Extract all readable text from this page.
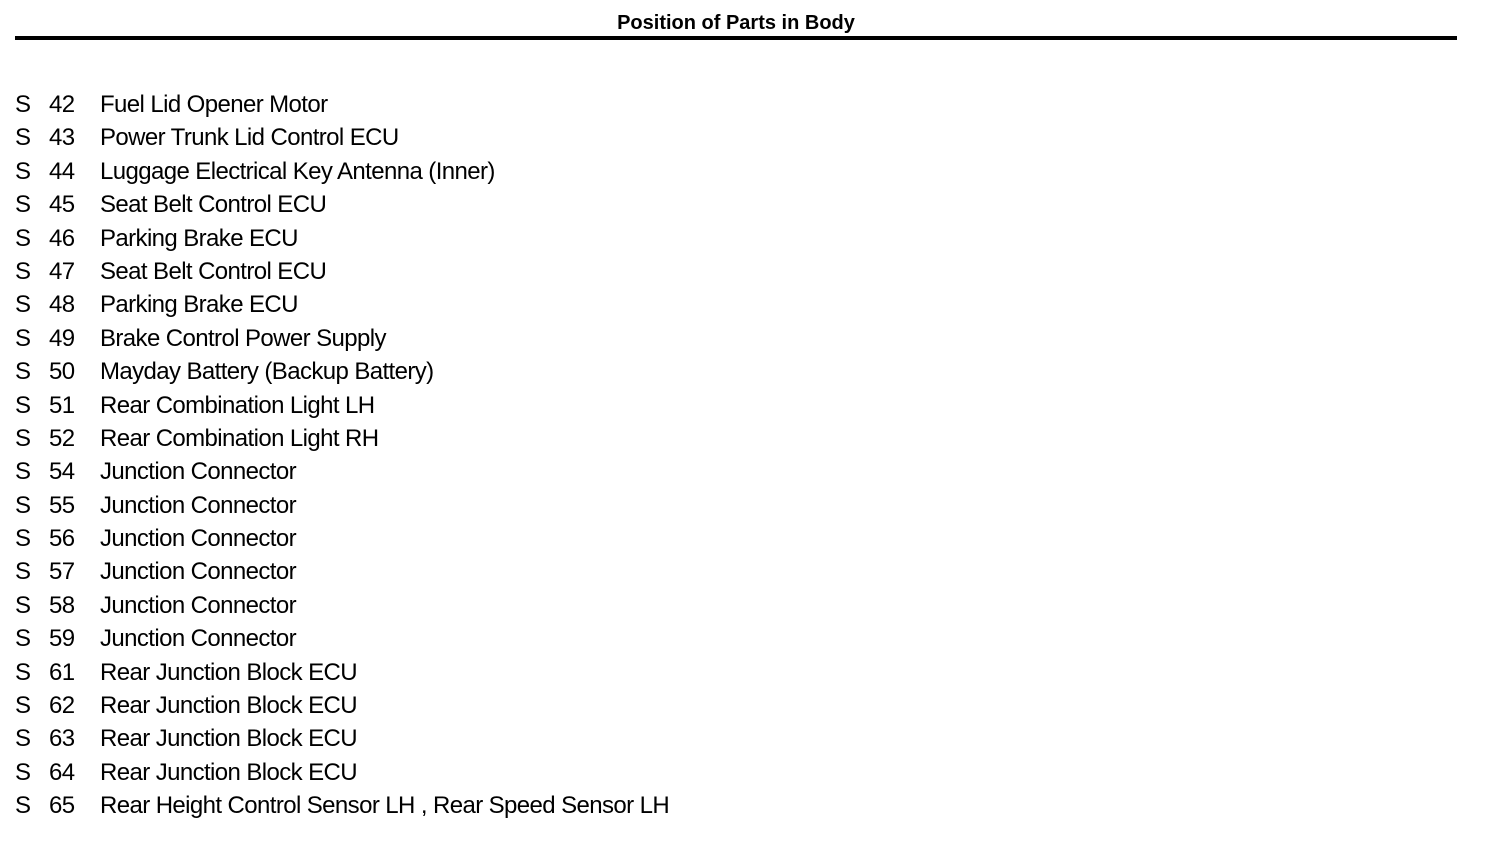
Position of Parts in Body
S 42 Fuel Lid Opener Motor
S 43 Power Trunk Lid Control ECU
S 44 Luggage Electrical Key Antenna (Inner)
S 45 Seat Belt Control ECU
S 46 Parking Brake ECU
S 47 Seat Belt Control ECU
S 48 Parking Brake ECU
S 49 Brake Control Power Supply
S 50 Mayday Battery (Backup Battery)
S 51 Rear Combination Light LH
S 52 Rear Combination Light RH
S 54 Junction Connector
S 55 Junction Connector
S 56 Junction Connector
S 57 Junction Connector
S 58 Junction Connector
S 59 Junction Connector
S 61 Rear Junction Block ECU
S 62 Rear Junction Block ECU
S 63 Rear Junction Block ECU
S 64 Rear Junction Block ECU
S 65 Rear Height Control Sensor LH , Rear Speed Sensor LH
